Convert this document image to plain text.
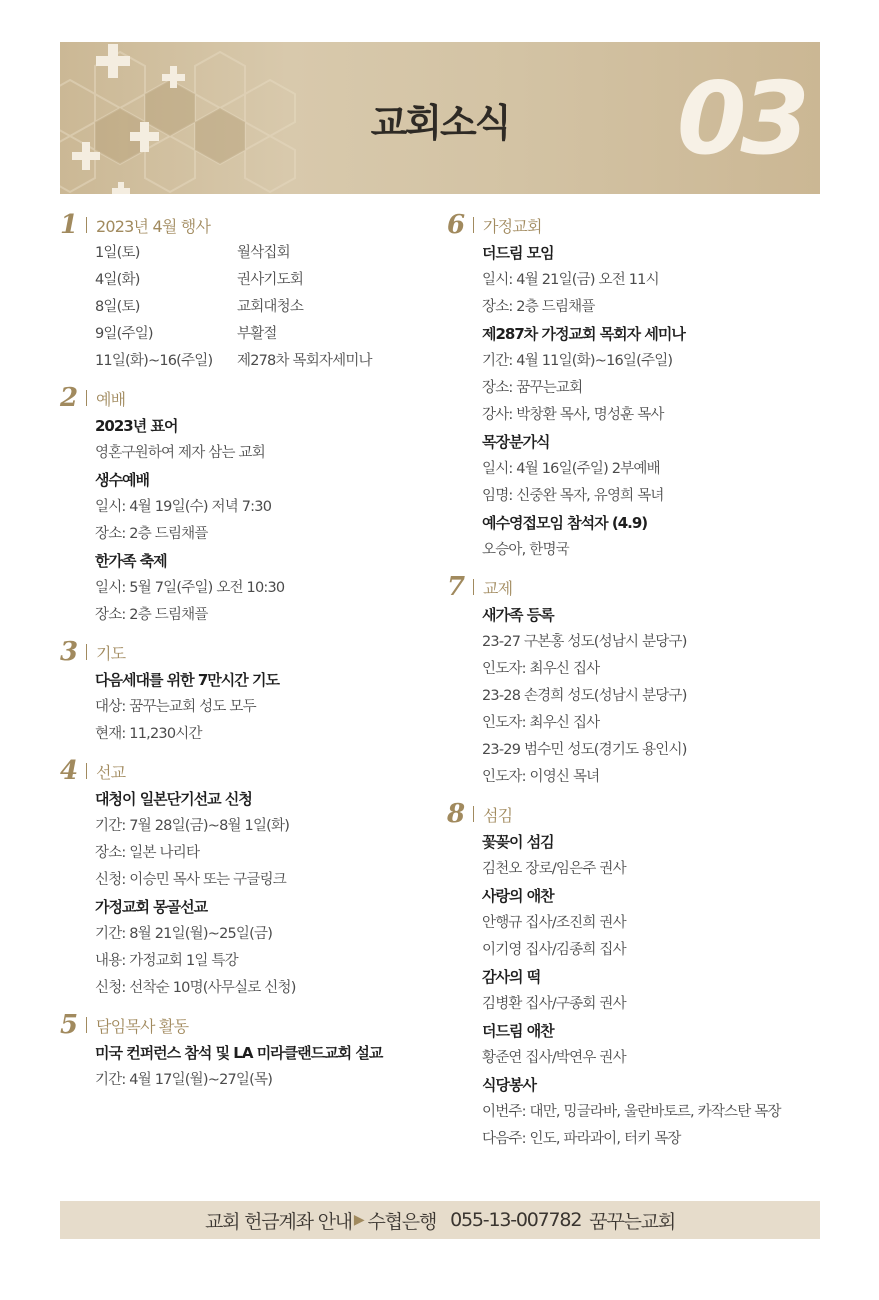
교회소식	03
1	2023년 4월 행사
1일(토)	월삭집회
4일(화)	권사기도회
8일(토)	교회대청소
9일(주일)	부활절
11일(화)~16(주일)	제278차 목회자세미나
2	예배
2023년 표어
영혼구원하여 제자 삼는 교회
생수예배
일시: 4월 19일(수) 저녁 7:30
장소: 2층 드림채플
한가족 축제
일시: 5월 7일(주일) 오전 10:30
장소: 2층 드림채플
3	기도
다음세대를 위한 7만시간 기도
대상: 꿈꾸는교회 성도 모두
현재: 11,230시간
4	선교
대청이 일본단기선교 신청
기간: 7월 28일(금)~8월 1일(화)
장소: 일본 나리타
신청: 이승민 목사 또는 구글링크
가정교회 몽골선교
기간: 8월 21일(월)~25일(금)
내용: 가정교회 1일 특강
신청: 선착순 10명(사무실로 신청)
5	담임목사 활동
미국 컨퍼런스 참석 및 LA 미라클랜드교회 설교
기간: 4월 17일(월)~27일(목)
6	가정교회
더드림 모임
일시: 4월 21일(금) 오전 11시
장소: 2층 드림채플
제287차 가정교회 목회자 세미나
기간: 4월 11일(화)~16일(주일)
장소: 꿈꾸는교회
강사: 박창환 목사, 명성훈 목사
목장분가식
일시: 4월 16일(주일) 2부예배
임명: 신중완 목자, 유영희 목녀
예수영접모임 참석자 (4.9)
오승아, 한명국
7	교제
새가족 등록
23-27 구본홍 성도(성남시 분당구)
인도자: 최우신 집사
23-28 손경희 성도(성남시 분당구)
인도자: 최우신 집사
23-29 범수민 성도(경기도 용인시)
인도자: 이영신 목녀
8	섬김
꽃꽂이 섬김
김천오 장로/임은주 권사
사랑의 애찬
안행규 집사/조진희 권사
이기영 집사/김종희 집사
감사의 떡
김병환 집사/구종회 권사
더드림 애찬
황준연 집사/박연우 권사
식당봉사
이번주: 대만, 밍글라바, 울란바토르, 카작스탄 목장
다음주: 인도, 파라과이, 터키 목장
교회 헌금계좌 안내 ▶ 수협은행 055-13-007782 꿈꾸는교회
